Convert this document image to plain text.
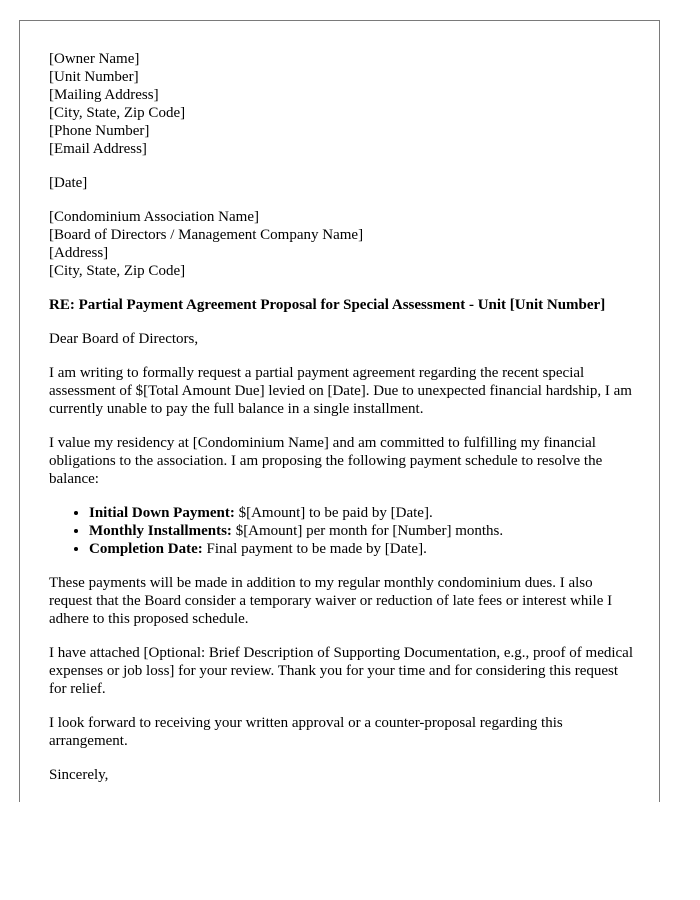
[Owner Name]
[Unit Number]
[Mailing Address]
[City, State, Zip Code]
[Phone Number]
[Email Address]

[Date]

[Condominium Association Name]
[Board of Directors / Management Company Name]
[Address]
[City, State, Zip Code]

RE: Partial Payment Agreement Proposal for Special Assessment - Unit [Unit Number]

Dear Board of Directors,

I am writing to formally request a partial payment agreement regarding the recent special assessment of $[Total Amount Due] levied on [Date]. Due to unexpected financial hardship, I am currently unable to pay the full balance in a single installment.

I value my residency at [Condominium Name] and am committed to fulfilling my financial obligations to the association. I am proposing the following payment schedule to resolve the balance:

• Initial Down Payment: $[Amount] to be paid by [Date].
• Monthly Installments: $[Amount] per month for [Number] months.
• Completion Date: Final payment to be made by [Date].

These payments will be made in addition to my regular monthly condominium dues. I also request that the Board consider a temporary waiver or reduction of late fees or interest while I adhere to this proposed schedule.

I have attached [Optional: Brief Description of Supporting Documentation, e.g., proof of medical expenses or job loss] for your review. Thank you for your time and for considering this request for relief.

I look forward to receiving your written approval or a counter-proposal regarding this arrangement.

Sincerely,
